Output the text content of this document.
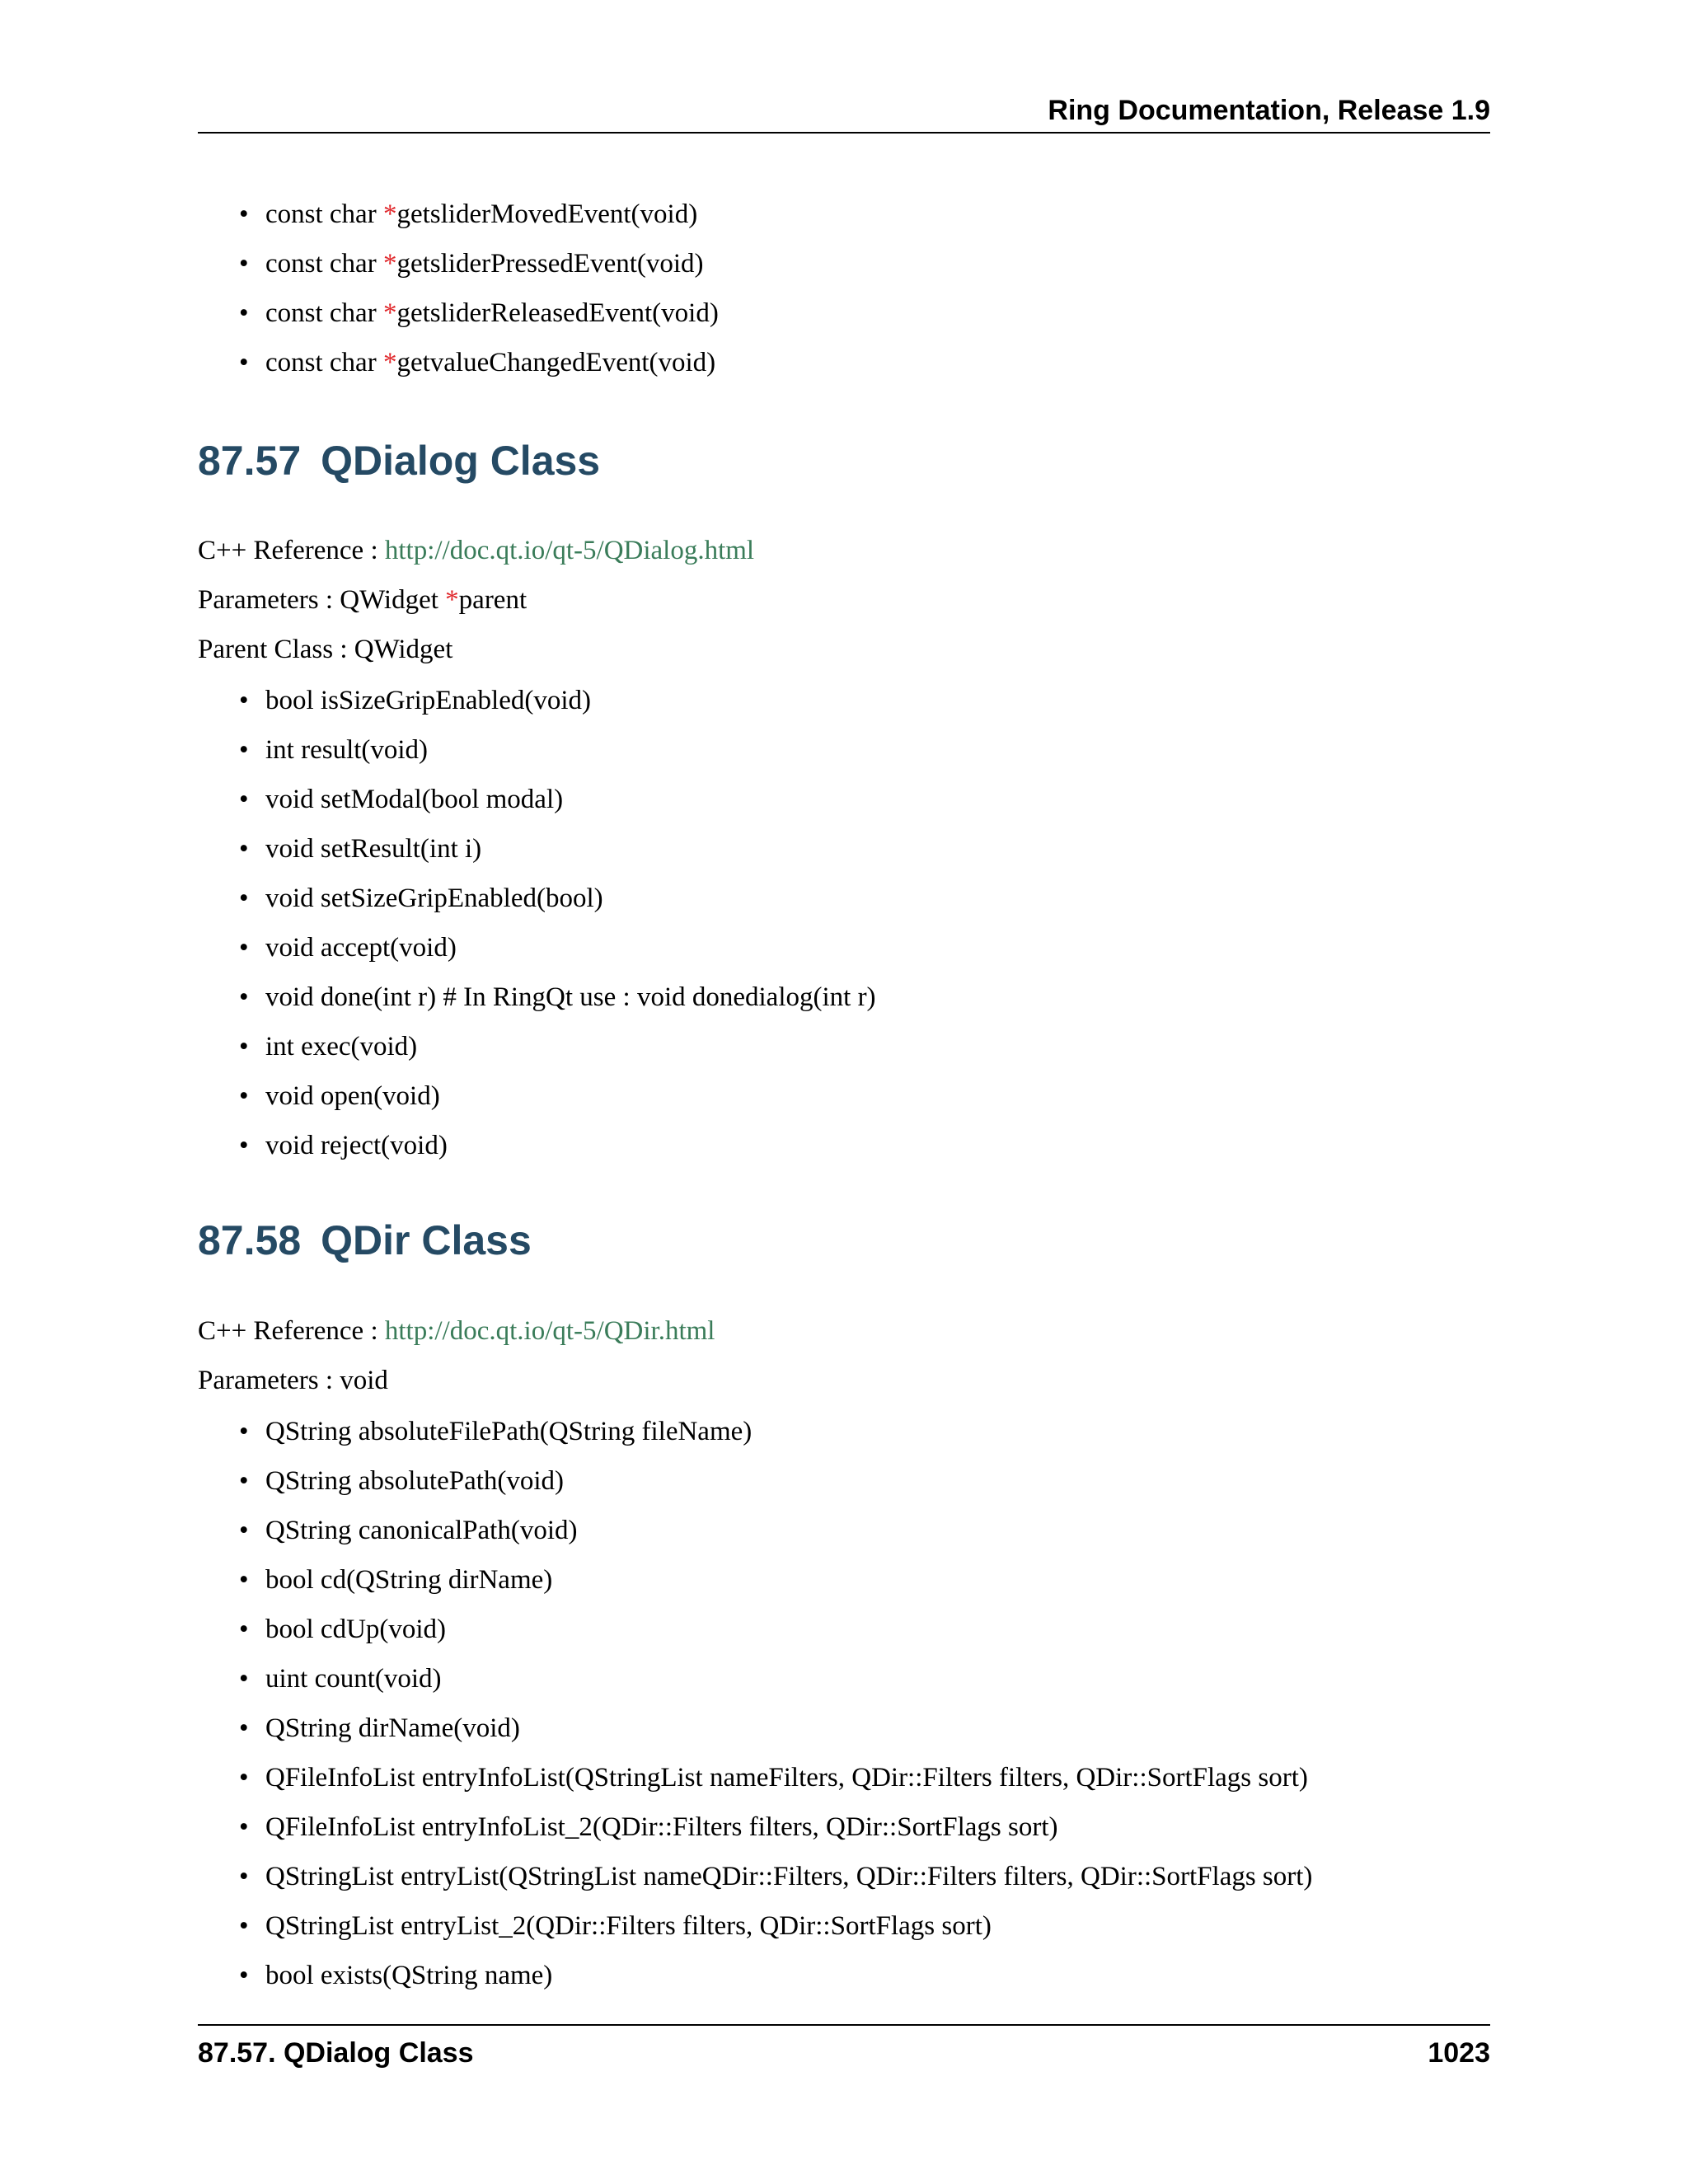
Ring Documentation, Release 1.9
• const char *getsliderMovedEvent(void)
• const char *getsliderPressedEvent(void)
• const char *getsliderReleasedEvent(void)
• const char *getvalueChangedEvent(void)
87.57 QDialog Class
C++ Reference : http://doc.qt.io/qt-5/QDialog.html
Parameters : QWidget *parent
Parent Class : QWidget
• bool isSizeGripEnabled(void)
• int result(void)
• void setModal(bool modal)
• void setResult(int i)
• void setSizeGripEnabled(bool)
• void accept(void)
• void done(int r) # In RingQt use : void donedialog(int r)
• int exec(void)
• void open(void)
• void reject(void)
87.58 QDir Class
C++ Reference : http://doc.qt.io/qt-5/QDir.html
Parameters : void
• QString absoluteFilePath(QString fileName)
• QString absolutePath(void)
• QString canonicalPath(void)
• bool cd(QString dirName)
• bool cdUp(void)
• uint count(void)
• QString dirName(void)
• QFileInfoList entryInfoList(QStringList nameFilters, QDir::Filters filters, QDir::SortFlags sort)
• QFileInfoList entryInfoList_2(QDir::Filters filters, QDir::SortFlags sort)
• QStringList entryList(QStringList nameQDir::Filters, QDir::Filters filters, QDir::SortFlags sort)
• QStringList entryList_2(QDir::Filters filters, QDir::SortFlags sort)
• bool exists(QString name)
87.57. QDialog Class	1023
